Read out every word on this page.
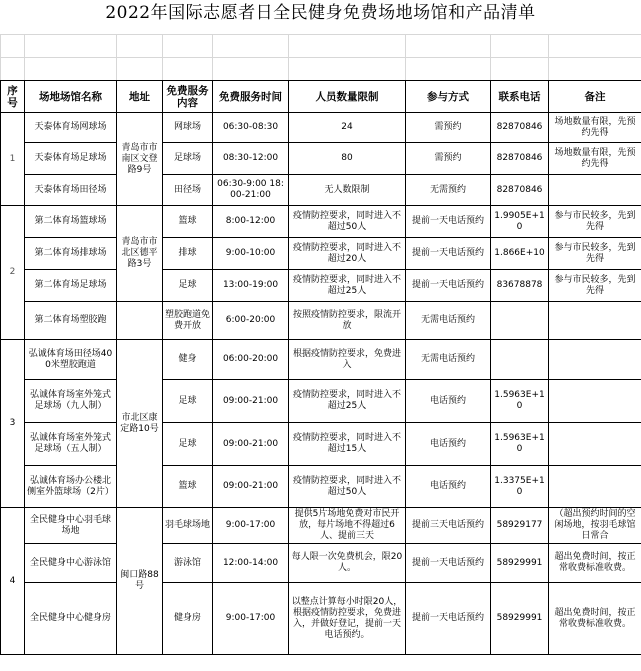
2022年国际志愿者日全民健身免费场地场馆和产品清单

序号	场地场馆名称	地址	免费服务内容	免费服务时间	人员数量限制	参与方式	联系电话	备注
1	天泰体育场网球场	青岛市市南区文登路9号	网球场	06:30-08:30	24	需预约	82870846	场地数量有限，先预约先得
	天泰体育场足球场		足球场	08:30-12:00	80	需预约	82870846	场地数量有限，先预约先得
	天泰体育场田径场		田径场	06:30-9:00 18:00-21:00	无人数限制	无需预约	82870846	
2	第二体育场篮球场	青岛市市北区德平路3号	篮球	8:00-12:00	疫情防控要求，同时进入不超过50人	提前一天电话预约	1.9905E+10	参与市民较多，先到先得
	第二体育场排球场		排球	9:00-10:00	疫情防控要求，同时进入不超过20人	提前一天电话预约	1.866E+10	参与市民较多，先到先得
	第二体育场足球场		足球	13:00-19:00	疫情防控要求，同时进入不超过25人	提前一天电话预约	83678878	参与市民较多，先到先得
	第二体育场塑胶跑		塑胶跑道免费开放	6:00-20:00	按照疫情防控要求，限流开放	无需电话预约		
3	弘诚体育场田径场400米塑胶跑道	市北区康定路10号	健身	06:00-20:00	根据疫情防控要求，免费进入	无需电话预约		
	弘诚体育场室外笼式足球场（九人制）		足球	09:00-21:00	疫情防控要求，同时进入不超过25人	电话预约	1.5963E+10	
	弘诚体育场室外笼式足球场（五人制）		足球	09:00-21:00	疫情防控要求，同时进入不超过15人	电话预约	1.5963E+10	
	弘诚体育场办公楼北侧室外篮球场（2片）		篮球	09:00-21:00	疫情防控要求，同时进入不超过50人	电话预约	1.3375E+10	
4	全民健身中心羽毛球场地	闽口路88号	羽毛球场地	9:00-17:00	提供5片场地免费对市民开放，每片场地不得超过6人、提前三天	提前三天电话预约	58929177	（超出预约时间的空闲场地，按羽毛球馆日常合
	全民健身中心游泳馆		游泳馆	12:00-14:00	每人限一次免费机会，限20人。	提前一天电话预约	58929991	超出免费时间，按正常收费标准收费。
	全民健身中心健身房		健身房	9:00-17:00	以整点计算每小时限20人，根据疫情防控要求，免费进入，并做好登记，提前一天电话预约。	提前一天电话预约	58929991	超出免费时间，按正常收费标准收费。
